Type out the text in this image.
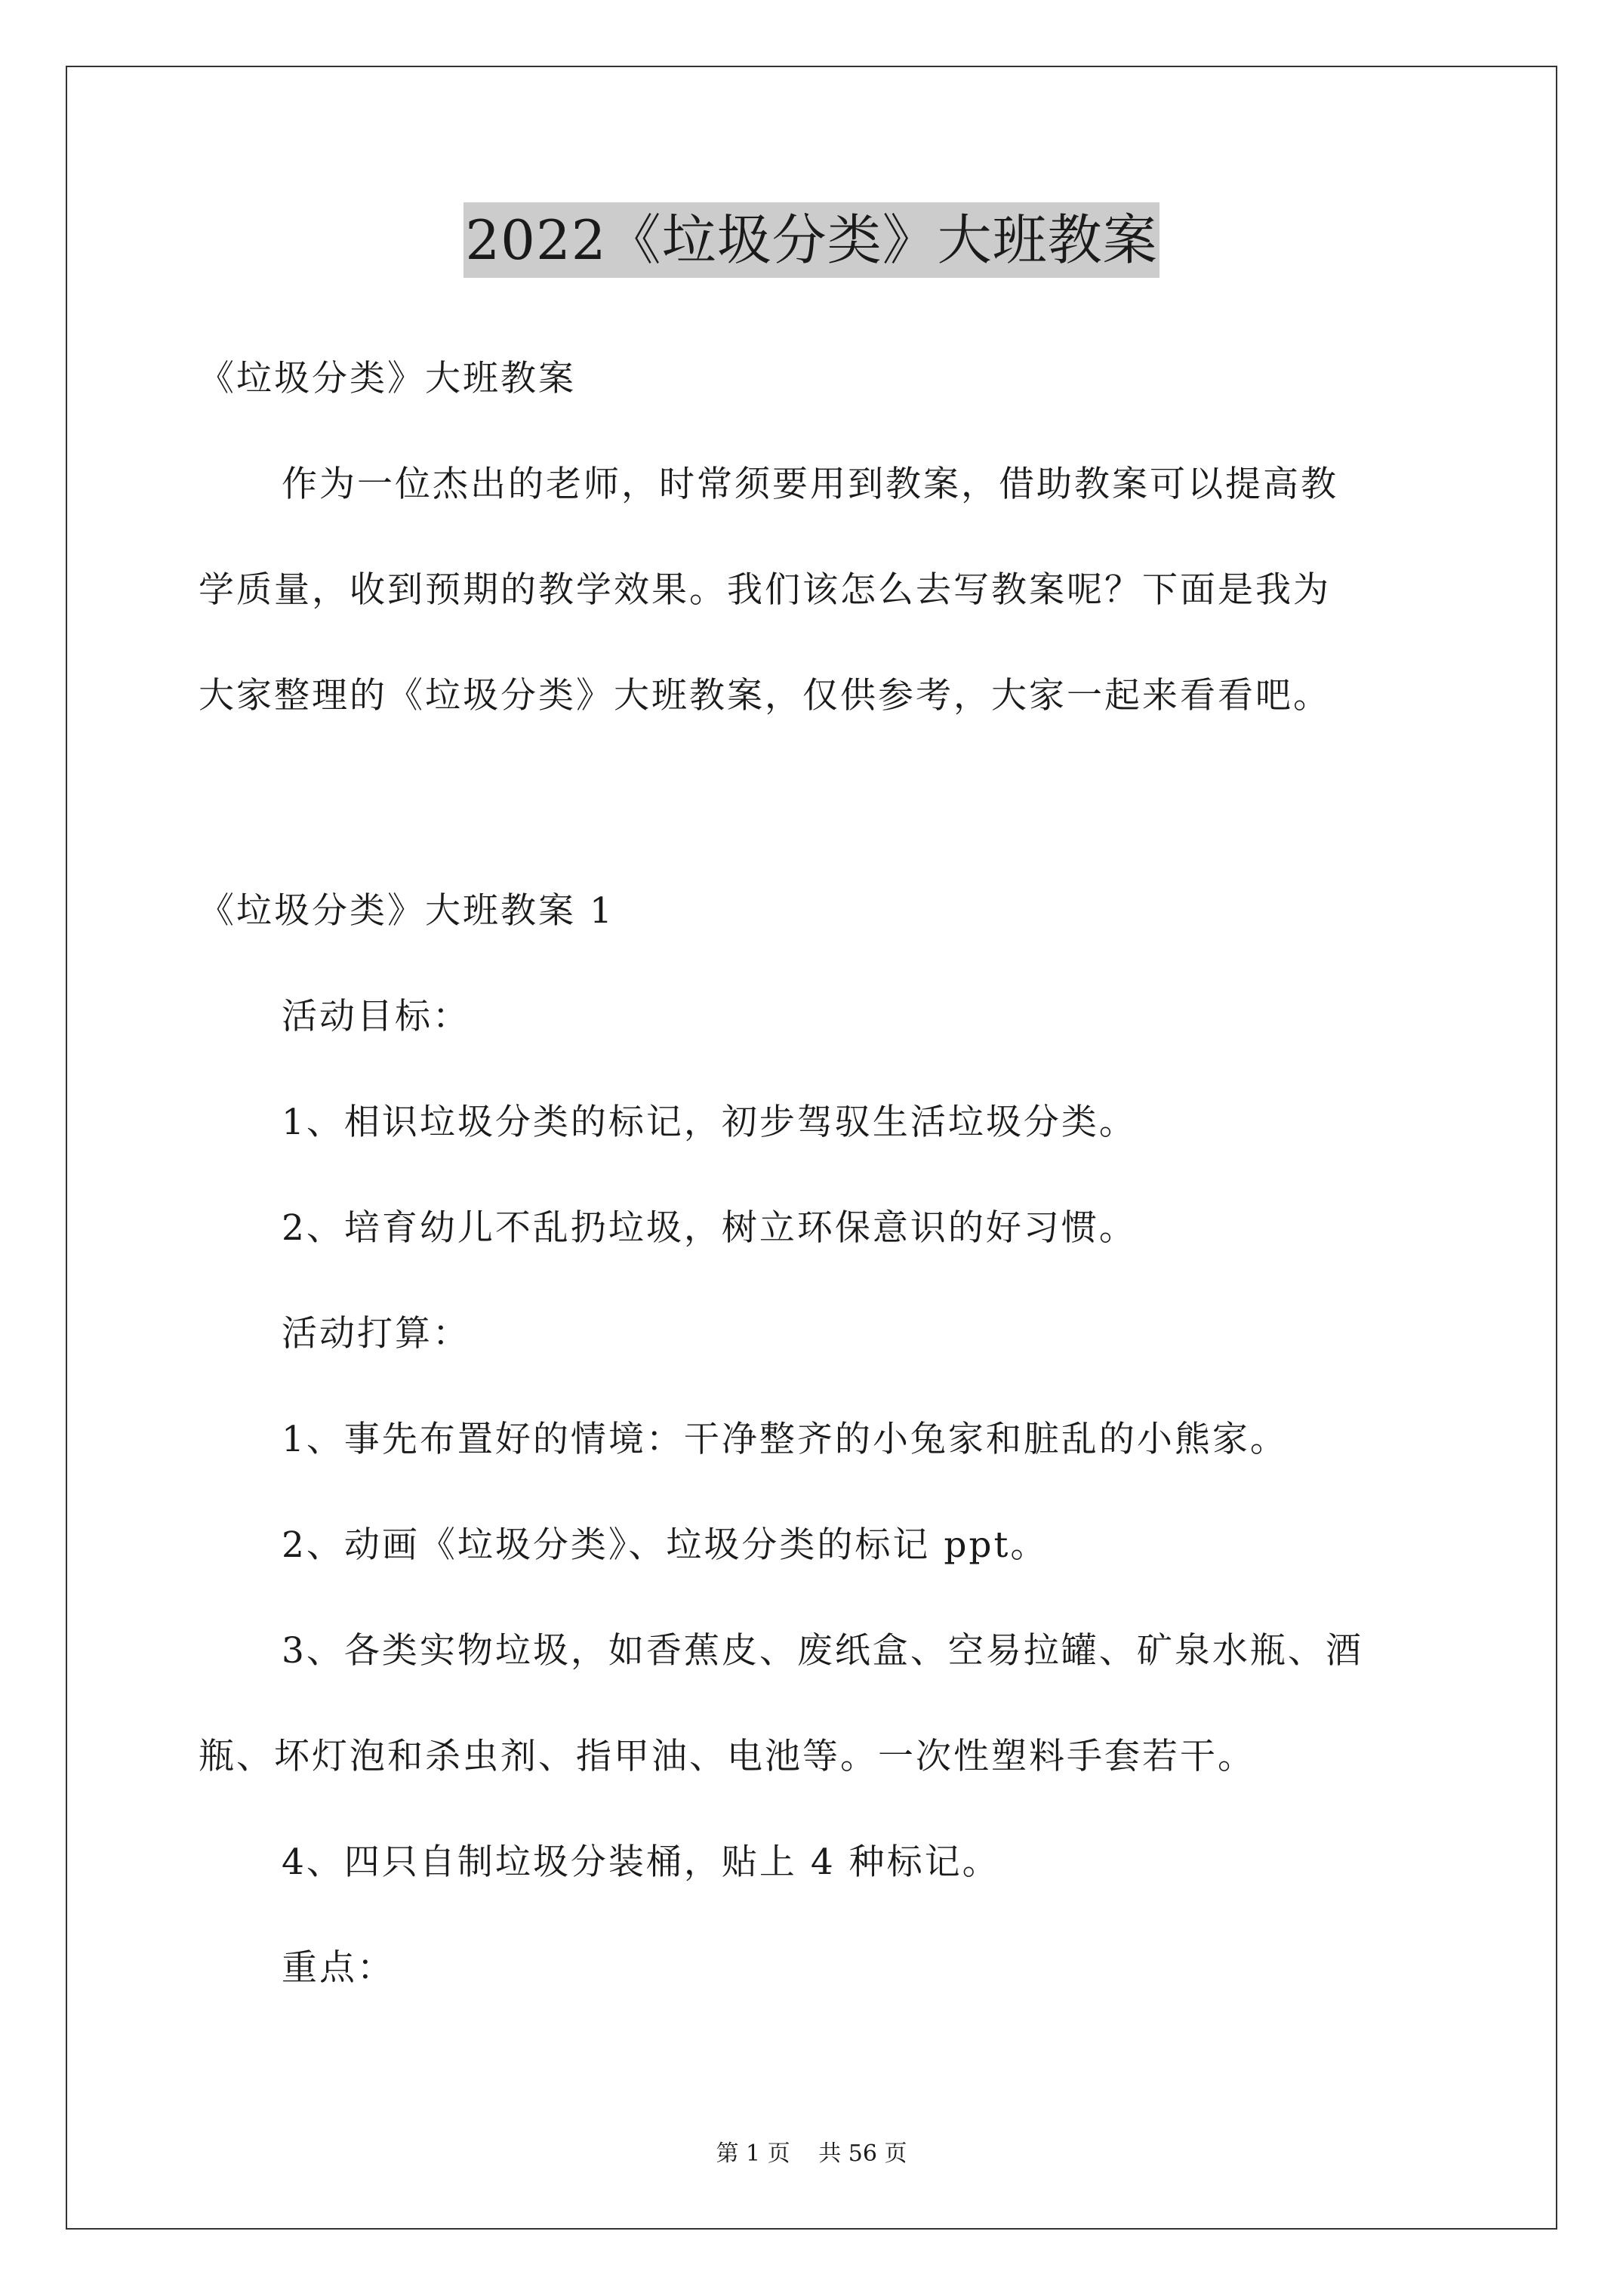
2022《垃圾分类》大班教案
《垃圾分类》大班教案
作为一位杰出的老师，时常须要用到教案，借助教案可以提高教
学质量，收到预期的教学效果。我们该怎么去写教案呢？下面是我为
大家整理的《垃圾分类》大班教案，仅供参考，大家一起来看看吧。
《垃圾分类》大班教案 1
活动目标：
1、相识垃圾分类的标记，初步驾驭生活垃圾分类。
2、培育幼儿不乱扔垃圾，树立环保意识的好习惯。
活动打算：
1、事先布置好的情境：干净整齐的小兔家和脏乱的小熊家。
2、动画《垃圾分类》、垃圾分类的标记 ppt。
3、各类实物垃圾，如香蕉皮、废纸盒、空易拉罐、矿泉水瓶、酒
瓶、坏灯泡和杀虫剂、指甲油、电池等。一次性塑料手套若干。
4、四只自制垃圾分装桶，贴上 4 种标记。
重点：
第 1 页 共 56 页
